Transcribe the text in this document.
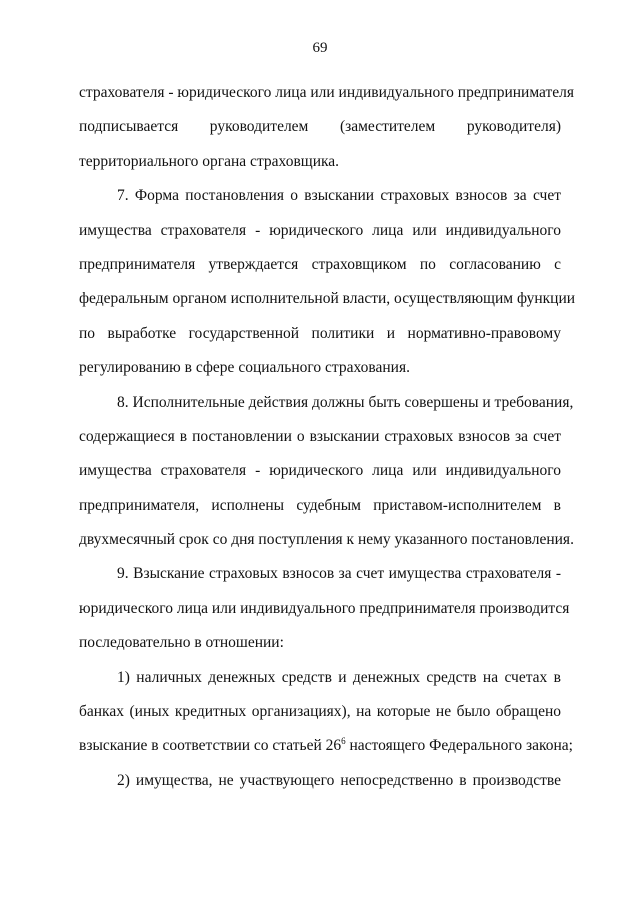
69
страхователя - юридического лица или индивидуального предпринимателя
подписывается руководителем (заместителем руководителя)
территориального органа страховщика.
7. Форма постановления о взыскании страховых взносов за счет
имущества страхователя - юридического лица или индивидуального
предпринимателя утверждается страховщиком по согласованию с
федеральным органом исполнительной власти, осуществляющим функции
по выработке государственной политики и нормативно-правовому
регулированию в сфере социального страхования.
8. Исполнительные действия должны быть совершены и требования,
содержащиеся в постановлении о взыскании страховых взносов за счет
имущества страхователя - юридического лица или индивидуального
предпринимателя, исполнены судебным приставом-исполнителем в
двухмесячный срок со дня поступления к нему указанного постановления.
9. Взыскание страховых взносов за счет имущества страхователя -
юридического лица или индивидуального предпринимателя производится
последовательно в отношении:
1) наличных денежных средств и денежных средств на счетах в
банках (иных кредитных организациях), на которые не было обращено
взыскание в соответствии со статьей $26^6$ настоящего Федерального закона;
2) имущества, не участвующего непосредственно в производстве
